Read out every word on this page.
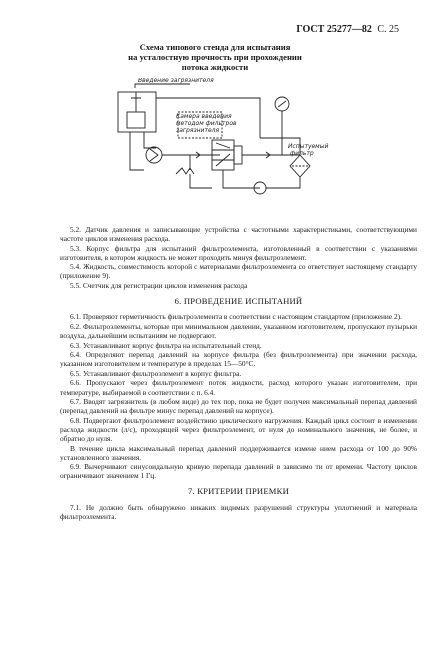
ГОСТ 25277—82 С. 25
Схема типового стенда для испытания
на усталостную прочность при прохождении
потока жидкости
Введение загрязнителя
Камера введения
методом фильтров
загрязнителя
Испытуемый
фильтр

5.2. Датчик давления и записывающие устройства с частотными характеристиками, соответствующими частоте циклов изменения расхода.

5.3. Корпус фильтра для испытаний фильтроэлемента, изготовленный в соответствии с указаниями изготовителя, в котором жидкость не может проходить минуя фильтроэлемент.

5.4. Жидкость, совместимость которой с материалами фильтроэлемента со ответствует настоящему стандарту (приложение 9).

5.5. Счетчик для регистрации циклов изменения расхода

6. ПРОВЕДЕНИЕ ИСПЫТАНИЙ

6.1. Проверяют герметичность фильтроэлемента в соответствии с настоящим стандартом (приложение 2).

6.2. Фильтроэлементы, которые при минимальном давлении, указанном изготовителем, пропускают пузырьки воздуха, дальнейшим испытаниям не подвергают.

6.3. Устанавливают корпус фильтра на испытательный стенд.

6.4. Определяют перепад давлений на корпусе фильтра (без фильтроэлемента) при значении расхода, указанном изготовителем и температуре в пределах 15—50°С.

6.5. Устанавливают фильтроэлемент в корпус фильтра.

6.6. Пропускают через фильтроэлемент поток жидкости, расход которого указан изготовителем, при температуре, выбираемой в соответствии с п. 6.4.

6.7. Вводят загрязнитель (в любом виде) до тех пор, пока не будет получен максимальный перепад давлений (перепад давлений на фильтре минус перепад давлений на корпусе).

6.8. Подвергают фильтроэлемент воздействию циклического нагружения. Каждый цикл состоит в изменении расхода жидкости (л/с), проходящей через фильтроэлемент, от нуля до номинального значения, не более, и обратно до нуля.

В течение цикла максимальный перепад давлений поддерживается измене нием расхода от 100 до 90% установленного значения.

6.9. Вычерчивают синусоидальную кривую перепада давлений в зависимо ти от времени. Частоту циклов ограничивают значением 1 Гц.

7. КРИТЕРИИ ПРИЕМКИ

7.1. Не должно быть обнаружено никаких видимых разрушений структуры уплотнений и материала фильтроэлемента.
